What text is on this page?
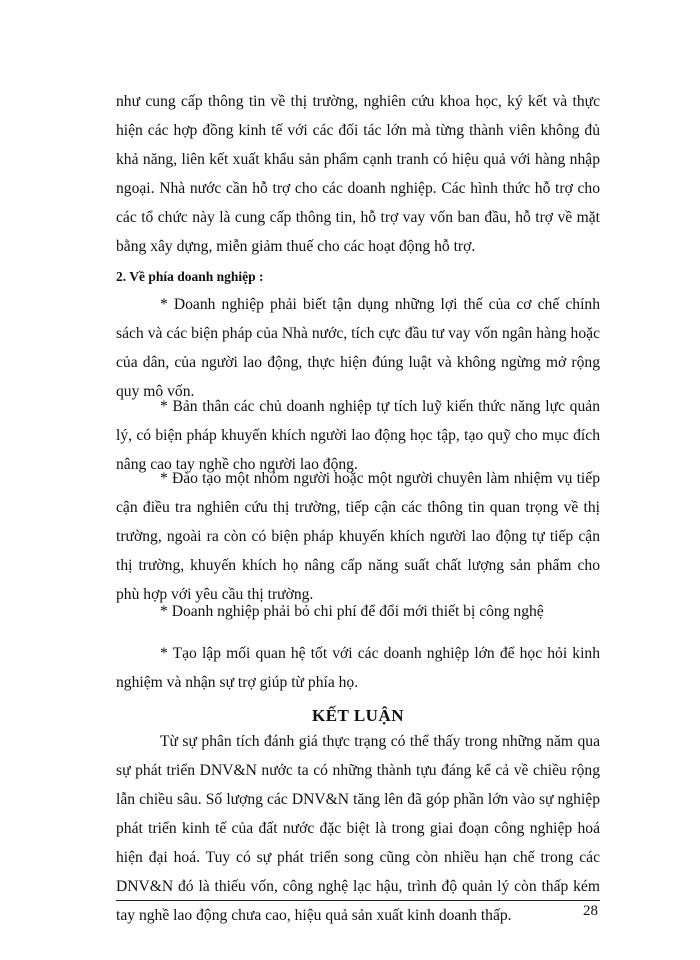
như cung cấp thông tin về thị trường, nghiên cứu khoa học, ký kết và thực hiện các hợp đồng kinh tế với các đối tác lớn mà từng thành viên không đủ khả năng, liên kết xuất khẩu sản phẩm cạnh tranh có hiệu quả với hàng nhập ngoại. Nhà nước cần hỗ trợ cho các doanh nghiệp. Các hình thức hỗ trợ cho các tổ chức này là cung cấp thông tin, hỗ trợ vay vốn ban đầu, hỗ trợ về mặt bằng xây dựng, miễn giảm thuế cho các hoạt động hỗ trợ.

2. Về phía doanh nghiệp :

* Doanh nghiệp phải biết tận dụng những lợi thế của cơ chế chính sách và các biện pháp của Nhà nước, tích cực đầu tư vay vốn ngân hàng hoặc của dân, của người lao động, thực hiện đúng luật và không ngừng mở rộng quy mô vốn.

* Bản thân các chủ doanh nghiệp tự tích luỹ kiến thức năng lực quản lý, có biện pháp khuyến khích người lao động học tập, tạo quỹ cho mục đích nâng cao tay nghề cho người lao động.

* Đào tạo một nhóm người hoặc một người chuyên làm nhiệm vụ tiếp cận điều tra nghiên cứu thị trường, tiếp cận các thông tin quan trọng về thị trường, ngoài ra còn có biện pháp khuyến khích người lao động tự tiếp cận thị trường, khuyến khích họ nâng cấp năng suất chất lượng sản phẩm cho phù hợp với yêu cầu thị trường.

* Doanh nghiệp phải bỏ chi phí để đổi mới thiết bị công nghệ

* Tạo lập mối quan hệ tốt với các doanh nghiệp lớn để học hỏi kinh nghiệm và nhận sự trợ giúp từ phía họ.

KẾT LUẬN

Từ sự phân tích đánh giá thực trạng có thể thấy trong những năm qua sự phát triển DNV&N nước ta có những thành tựu đáng kể cả về chiều rộng lẫn chiều sâu. Số lượng các DNV&N tăng lên đã góp phần lớn vào sự nghiệp phát triển kinh tế của đất nước đặc biệt là trong giai đoạn công nghiệp hoá hiện đại hoá. Tuy có sự phát triển song cũng còn nhiều hạn chế trong các DNV&N đó là thiếu vốn, công nghệ lạc hậu, trình độ quản lý còn thấp kém tay nghề lao động chưa cao, hiệu quả sản xuất kinh doanh thấp.	28
